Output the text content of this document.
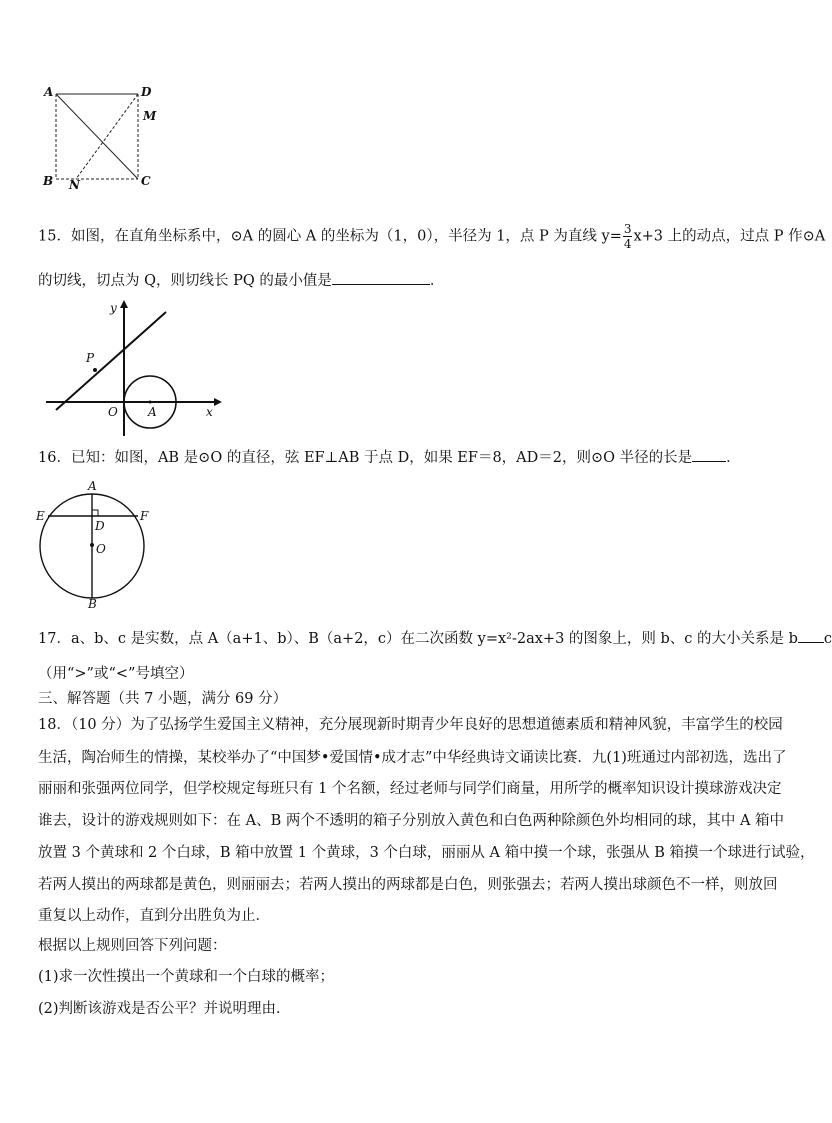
A	D
M
B N	C
15．如图，在直角坐标系中，⊙A 的圆心 A 的坐标为（1，0），半径为 1，点 P 为直线 $y= \frac{3}{4} x+3$ 上的动点，过点 P 作⊙A
的切线，切点为 Q，则切线长 PQ 的最小值是	．
y
P
O	A	x
16．已知：如图，AB 是⊙O 的直径，弦 EF⊥AB 于点 D，如果 EF＝8，AD＝2，则⊙O 半径的长是 ．
A
E	F
D
O
B
17．a、b、c 是实数，点 A（a+1、b）、B（a+2，c）在二次函数 y=x²-2ax+3 的图象上，则 b、c 的大小关系是 b c
（用“>”或“<”号填空）
三、解答题（共 7 小题，满分 69 分）
18．（10 分）为了弘扬学生爱国主义精神，充分展现新时期青少年良好的思想道德素质和精神风貌，丰富学生的校园
生活，陶冶师生的情操，某校举办了“中国梦•爱国情•成才志”中华经典诗文诵读比赛．九(1)班通过内部初选，选出了
丽丽和张强两位同学，但学校规定每班只有 1 个名额，经过老师与同学们商量，用所学的概率知识设计摸球游戏决定
谁去，设计的游戏规则如下：在 A、B 两个不透明的箱子分别放入黄色和白色两种除颜色外均相同的球，其中 A 箱中
放置 3 个黄球和 2 个白球，B 箱中放置 1 个黄球，3 个白球，丽丽从 A 箱中摸一个球，张强从 B 箱摸一个球进行试验，
若两人摸出的两球都是黄色，则丽丽去；若两人摸出的两球都是白色，则张强去；若两人摸出球颜色不一样，则放回
重复以上动作，直到分出胜负为止．
根据以上规则回答下列问题：
(1)求一次性摸出一个黄球和一个白球的概率；
(2)判断该游戏是否公平？并说明理由．
